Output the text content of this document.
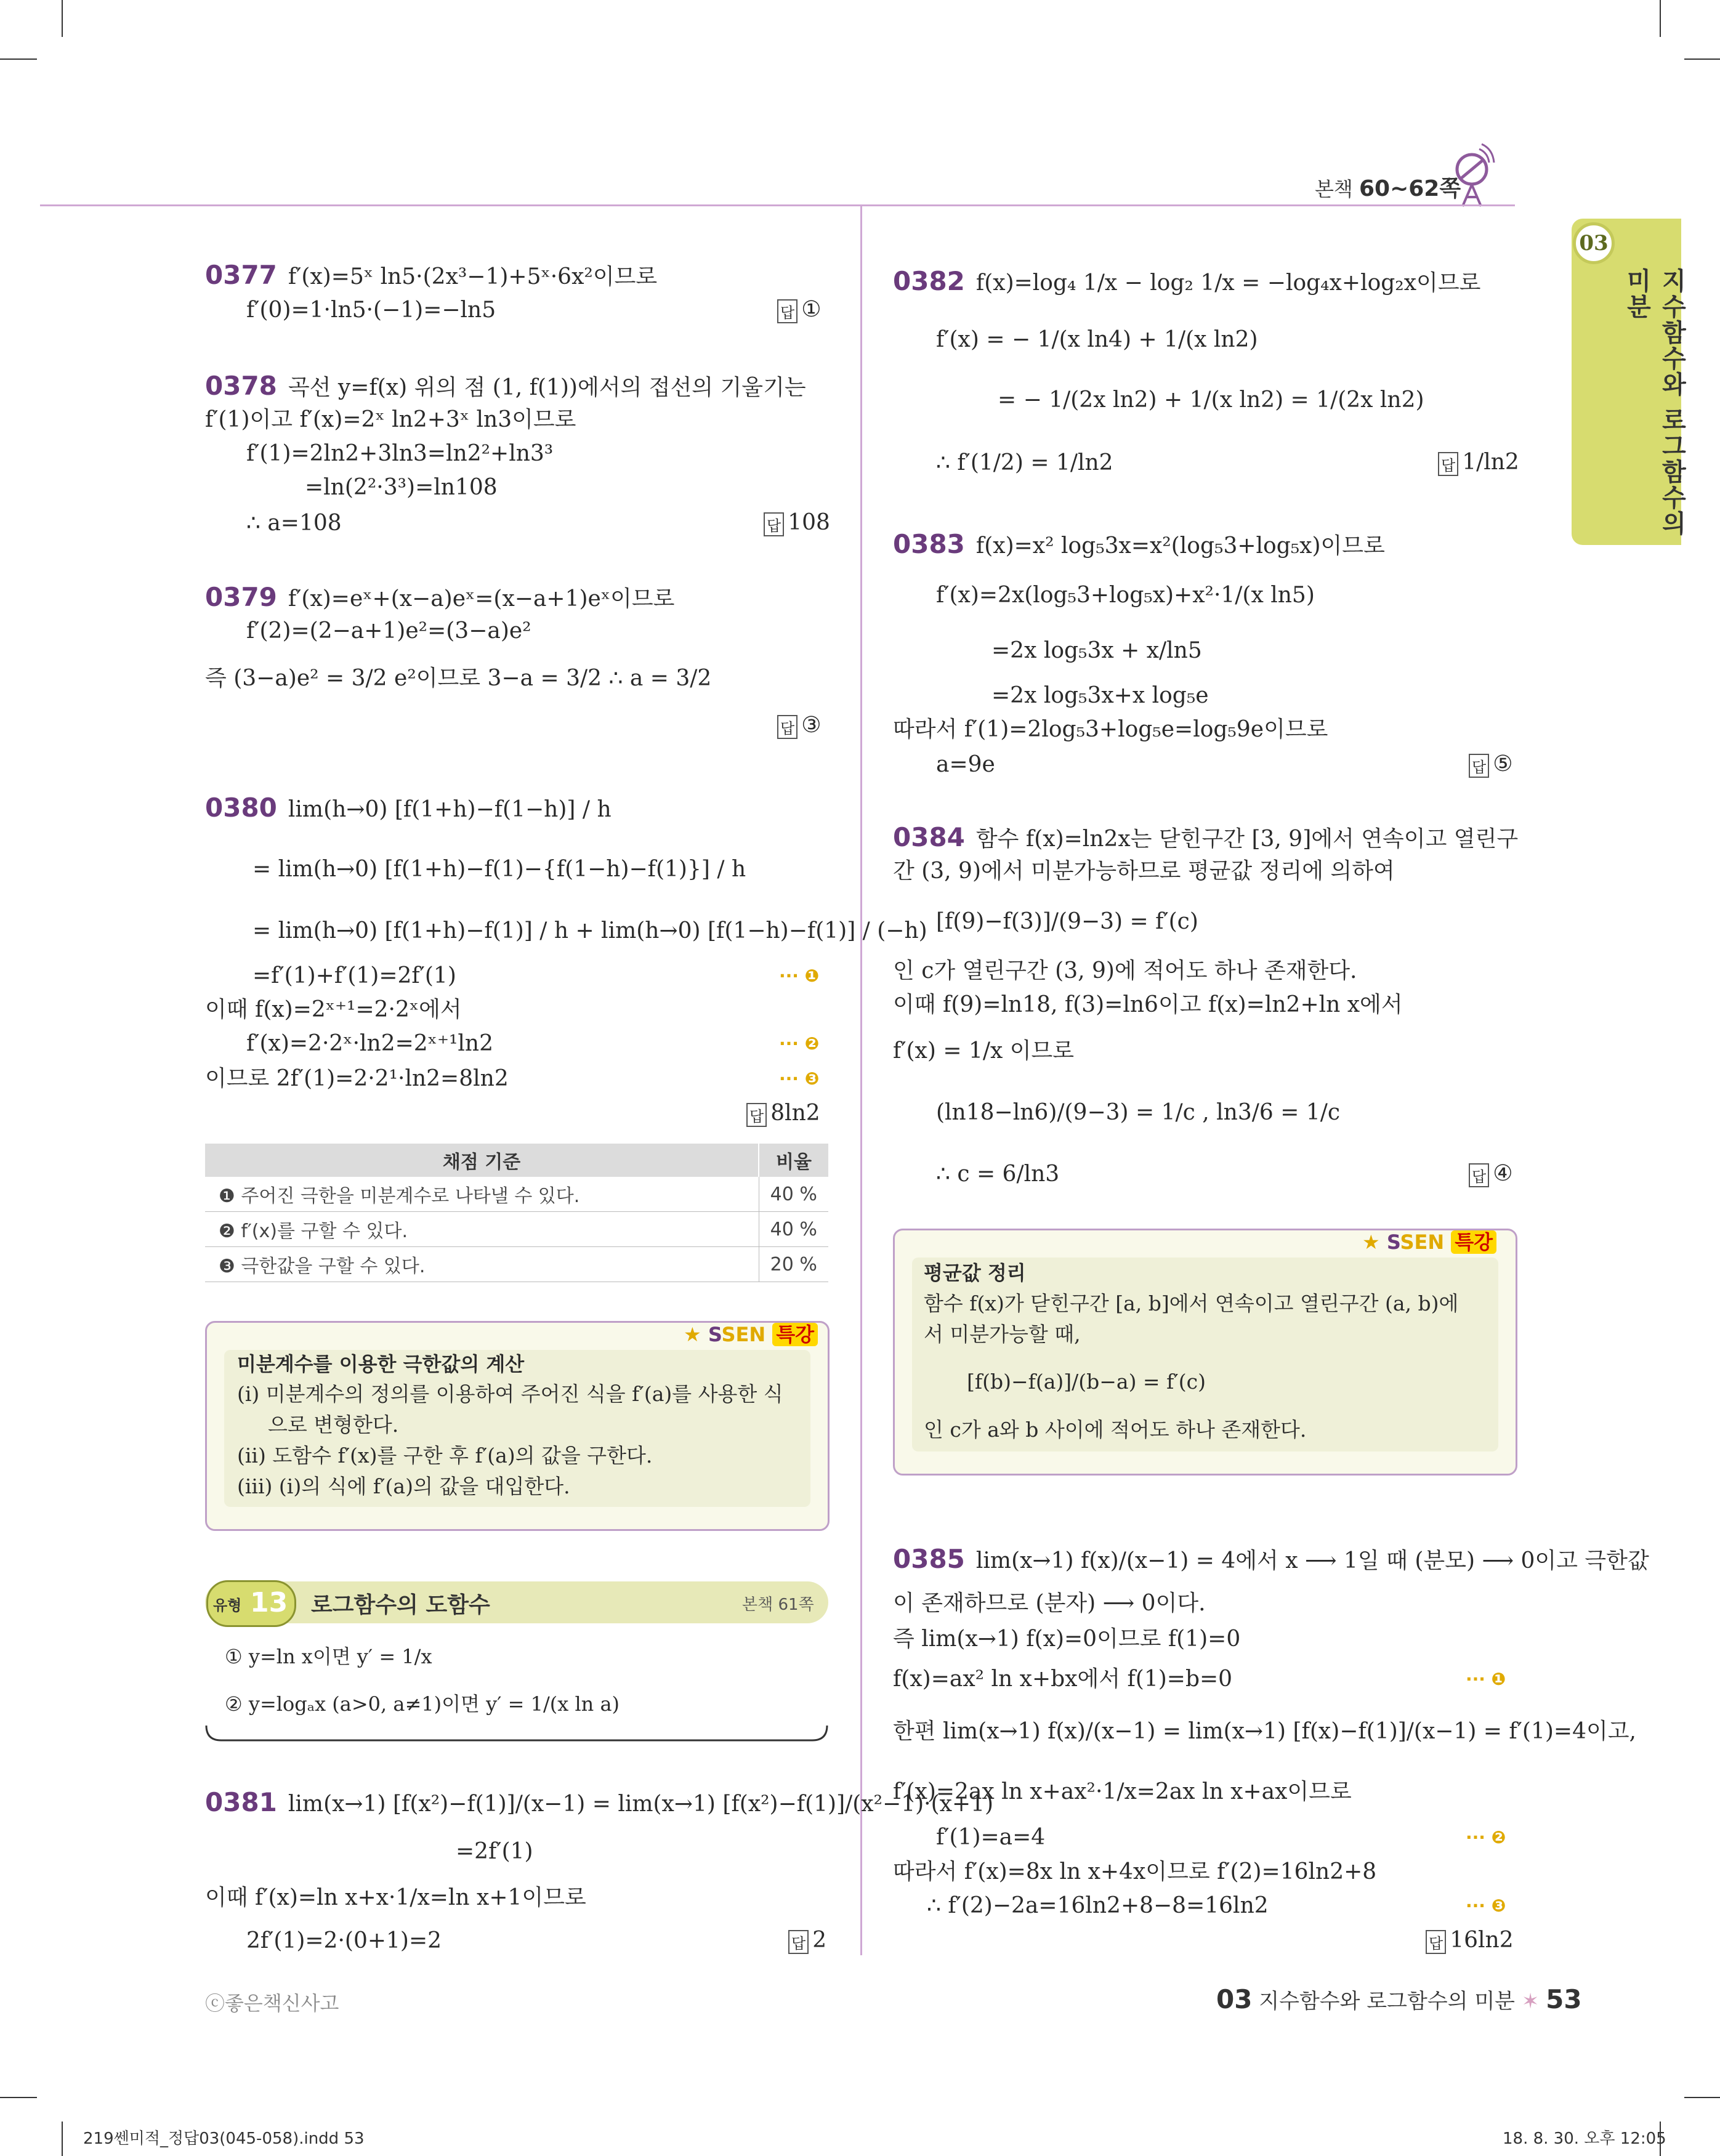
본책 60~62쪽
03
지수함수와 로그함수의 미분
0377 f′(x)=5ˣ ln5·(2x³−1)+5ˣ·6x²이므로
f′(0)=1·ln5·(−1)=−ln5	답 ①
0378 곡선 y=f(x) 위의 점 (1, f(1))에서의 접선의 기울기는
f′(1)이고 f′(x)=2ˣ ln2+3ˣ ln3이므로
f′(1)=2ln2+3ln3=ln2²+ln3³
=ln(2²·3³)=ln108
∴ a=108	답 108
0379 f′(x)=eˣ+(x−a)eˣ=(x−a+1)eˣ이므로
f′(2)=(2−a+1)e²=(3−a)e²
즉 (3−a)e² = 3/2 e²이므로 3−a = 3/2 ∴ a = 3/2
답 ③
0380 lim(h→0) [f(1+h)−f(1−h)] / h
= lim(h→0) [f(1+h)−f(1)−{f(1−h)−f(1)}] / h
= lim(h→0) [f(1+h)−f(1)] / h + lim(h→0) [f(1−h)−f(1)] / (−h)
=f′(1)+f′(1)=2f′(1)	··· ❶
이때 f(x)=2ˣ⁺¹=2·2ˣ에서
f′(x)=2·2ˣ·ln2=2ˣ⁺¹ln2	··· ❷
이므로 2f′(1)=2·2¹·ln2=8ln2	··· ❸
답 8ln2
채점 기준	비율
❶ 주어진 극한을 미분계수로 나타낼 수 있다.	40 %
❷ f′(x)를 구할 수 있다.	40 %
❸ 극한값을 구할 수 있다.	20 %
★ SSEN 특강
미분계수를 이용한 극한값의 계산
(i) 미분계수의 정의를 이용하여 주어진 식을 f′(a)를 사용한 식
으로 변형한다.
(ii) 도함수 f′(x)를 구한 후 f′(a)의 값을 구한다.
(iii) (i)의 식에 f′(a)의 값을 대입한다.
유형 13 로그함수의 도함수	본책 61쪽
① y=ln x이면 y′ = 1/x
② y=logₐx (a>0, a≠1)이면 y′ = 1/(x ln a)
0381 lim(x→1) [f(x²)−f(1)]/(x−1) = lim(x→1) [f(x²)−f(1)]/(x²−1)·(x+1)
=2f′(1)
이때 f′(x)=ln x+x·1/x=ln x+1이므로
2f′(1)=2·(0+1)=2	답 2
0382 f(x)=log₄ 1/x − log₂ 1/x = −log₄x+log₂x이므로
f′(x) = − 1/(x ln4) + 1/(x ln2)
= − 1/(2x ln2) + 1/(x ln2) = 1/(2x ln2)
∴ f′(1/2) = 1/ln2	답 1/ln2
0383 f(x)=x² log₅3x=x²(log₅3+log₅x)이므로
f′(x)=2x(log₅3+log₅x)+x²·1/(x ln5)
=2x log₅3x + x/ln5
=2x log₅3x+x log₅e
따라서 f′(1)=2log₅3+log₅e=log₅9e이므로
a=9e	답 ⑤
0384 함수 f(x)=ln2x는 닫힌구간 [3, 9]에서 연속이고 열린구
간 (3, 9)에서 미분가능하므로 평균값 정리에 의하여
[f(9)−f(3)]/(9−3) = f′(c)
인 c가 열린구간 (3, 9)에 적어도 하나 존재한다.
이때 f(9)=ln18, f(3)=ln6이고 f(x)=ln2+ln x에서
f′(x) = 1/x 이므로
(ln18−ln6)/(9−3) = 1/c , ln3/6 = 1/c
∴ c = 6/ln3	답 ④
★ SSEN 특강
평균값 정리
함수 f(x)가 닫힌구간 [a, b]에서 연속이고 열린구간 (a, b)에
서 미분가능할 때,
[f(b)−f(a)]/(b−a) = f′(c)
인 c가 a와 b 사이에 적어도 하나 존재한다.
0385 lim(x→1) f(x)/(x−1) = 4에서 x ⟶ 1일 때 (분모) ⟶ 0이고 극한값
이 존재하므로 (분자) ⟶ 0이다.
즉 lim(x→1) f(x)=0이므로 f(1)=0
f(x)=ax² ln x+bx에서 f(1)=b=0	··· ❶
한편 lim(x→1) f(x)/(x−1) = lim(x→1) [f(x)−f(1)]/(x−1) = f′(1)=4이고,
f′(x)=2ax ln x+ax²·1/x=2ax ln x+ax이므로
f′(1)=a=4	··· ❷
따라서 f′(x)=8x ln x+4x이므로 f′(2)=16ln2+8
∴ f′(2)−2a=16ln2+8−8=16ln2	··· ❸
답 16ln2
ⓒ좋은책신사고	03 지수함수와 로그함수의 미분 ✶ 53
219쎈미적_정답03(045-058).indd 53	18. 8. 30. 오후 12:05
